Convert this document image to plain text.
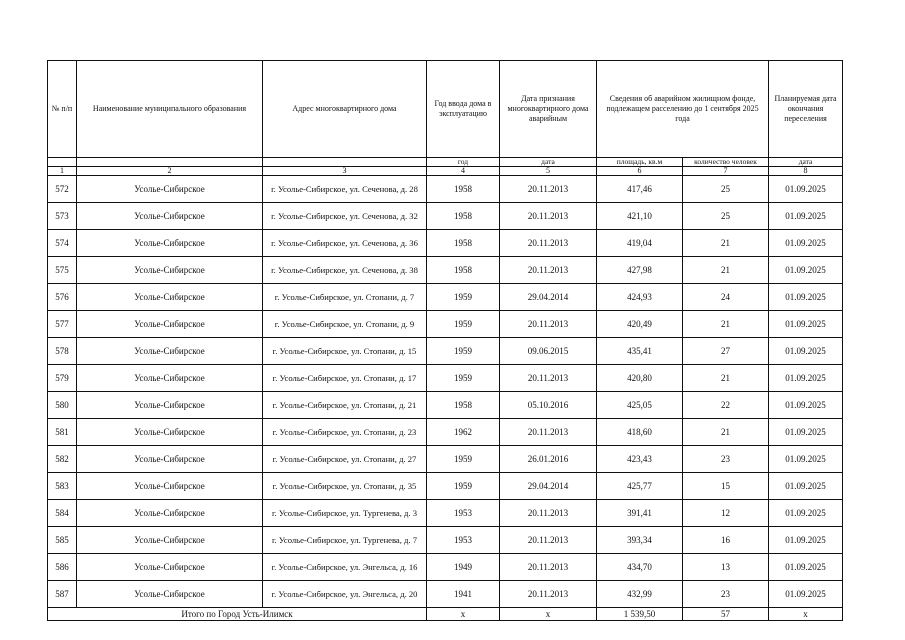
№ п/п	Наименование муниципального образования	Адрес многоквартирного дома	Год ввода дома в эксплуатацию	Дата признания многоквартирного дома аварийным	Сведения об аварийном жилищном фонде, подлежащем расселению до 1 сентября 2025 года		Планируемая дата окончания переселения
			год	дата	площадь, кв.м	количество человек	дата
1	2	3	4	5	6	7	8
572	Усолье-Сибирское	г. Усолье-Сибирское, ул. Сеченова, д. 28	1958	20.11.2013	417,46	25	01.09.2025
573	Усолье-Сибирское	г. Усолье-Сибирское, ул. Сеченова, д. 32	1958	20.11.2013	421,10	25	01.09.2025
574	Усолье-Сибирское	г. Усолье-Сибирское, ул. Сеченова, д. 36	1958	20.11.2013	419,04	21	01.09.2025
575	Усолье-Сибирское	г. Усолье-Сибирское, ул. Сеченова, д. 38	1958	20.11.2013	427,98	21	01.09.2025
576	Усолье-Сибирское	г. Усолье-Сибирское, ул. Стопани, д. 7	1959	29.04.2014	424,93	24	01.09.2025
577	Усолье-Сибирское	г. Усолье-Сибирское, ул. Стопани, д. 9	1959	20.11.2013	420,49	21	01.09.2025
578	Усолье-Сибирское	г. Усолье-Сибирское, ул. Стопани, д. 15	1959	09.06.2015	435,41	27	01.09.2025
579	Усолье-Сибирское	г. Усолье-Сибирское, ул. Стопани, д. 17	1959	20.11.2013	420,80	21	01.09.2025
580	Усолье-Сибирское	г. Усолье-Сибирское, ул. Стопани, д. 21	1958	05.10.2016	425,05	22	01.09.2025
581	Усолье-Сибирское	г. Усолье-Сибирское, ул. Стопани, д. 23	1962	20.11.2013	418,60	21	01.09.2025
582	Усолье-Сибирское	г. Усолье-Сибирское, ул. Стопани, д. 27	1959	26.01.2016	423,43	23	01.09.2025
583	Усолье-Сибирское	г. Усолье-Сибирское, ул. Стопани, д. 35	1959	29.04.2014	425,77	15	01.09.2025
584	Усолье-Сибирское	г. Усолье-Сибирское, ул. Тургенева, д. 3	1953	20.11.2013	391,41	12	01.09.2025
585	Усолье-Сибирское	г. Усолье-Сибирское, ул. Тургенева, д. 7	1953	20.11.2013	393,34	16	01.09.2025
586	Усолье-Сибирское	г. Усолье-Сибирское, ул. Энгельса, д. 16	1949	20.11.2013	434,70	13	01.09.2025
587	Усолье-Сибирское	г. Усолье-Сибирское, ул. Энгельса, д. 20	1941	20.11.2013	432,99	23	01.09.2025
Итого по Город Усть-Илимск			x	x	1 539,50	57	x
